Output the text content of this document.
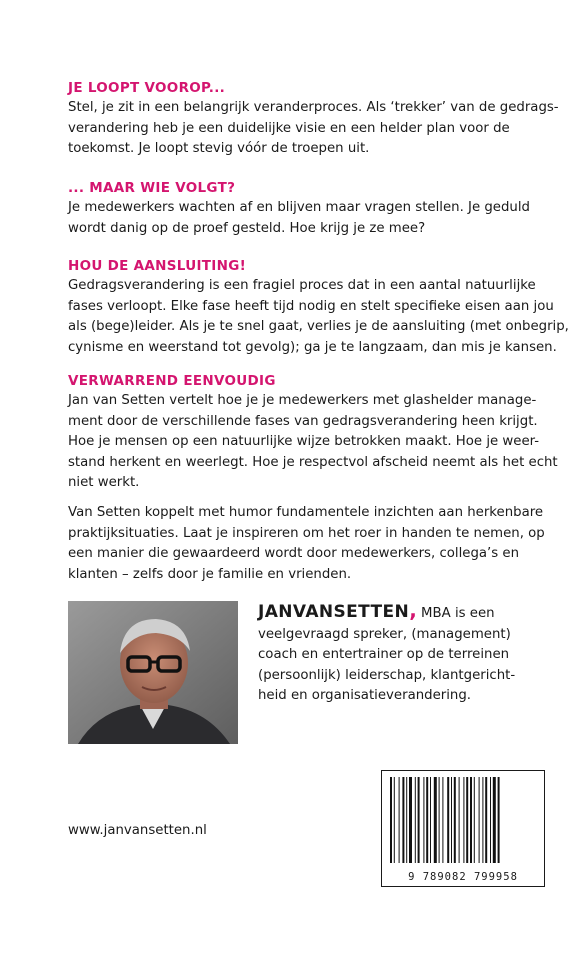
JE LOOPT VOOROP...
Stel, je zit in een belangrijk veranderproces. Als ‘trekker’ van de gedrags-
verandering heb je een duidelijke visie en een helder plan voor de
toekomst. Je loopt stevig vóór de troepen uit.
... MAAR WIE VOLGT?
Je medewerkers wachten af en blijven maar vragen stellen. Je geduld
wordt danig op de proef gesteld. Hoe krijg je ze mee?
HOU DE AANSLUITING!
Gedragsverandering is een fragiel proces dat in een aantal natuurlijke
fases verloopt. Elke fase heeft tijd nodig en stelt specifieke eisen aan jou
als (bege)leider. Als je te snel gaat, verlies je de aansluiting (met onbegrip,
cynisme en weerstand tot gevolg); ga je te langzaam, dan mis je kansen.
VERWARREND EENVOUDIG
Jan van Setten vertelt hoe je je medewerkers met glashelder manage-
ment door de verschillende fases van gedragsverandering heen krijgt.
Hoe je mensen op een natuurlijke wijze betrokken maakt. Hoe je weer-
stand herkent en weerlegt. Hoe je respectvol afscheid neemt als het echt
niet werkt.
Van Setten koppelt met humor fundamentele inzichten aan herkenbare
praktijksituaties. Laat je inspireren om het roer in handen te nemen, op
een manier die gewaardeerd wordt door medewerkers, collega’s en
klanten – zelfs door je familie en vrienden.
JANVANSETTEN, MBA is een
veelgevraagd spreker, (management)
coach en entertrainer op de terreinen
(persoonlijk) leiderschap, klantgericht-
heid en organisatieverandering.
www.janvansetten.nl
9 789082 799958
